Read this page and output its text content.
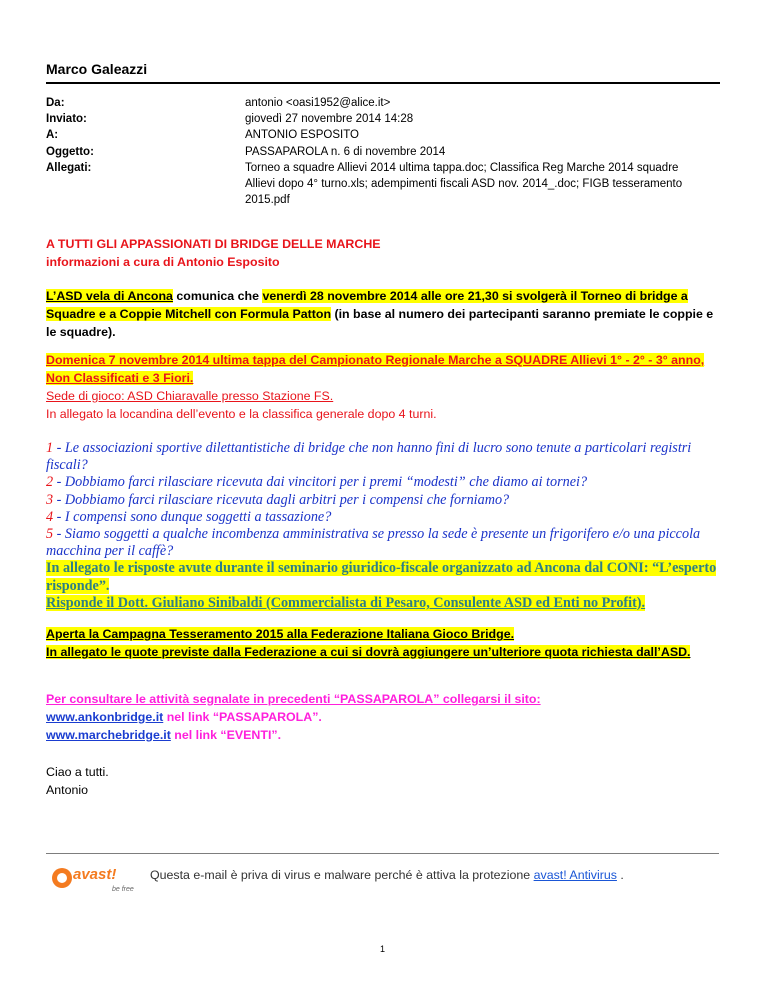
Marco Galeazzi
Da:	antonio <oasi1952@alice.it>
Inviato:	giovedì 27 novembre 2014 14:28
A:	ANTONIO ESPOSITO
Oggetto:	PASSAPAROLA n. 6 di novembre 2014
Allegati:	Torneo a squadre Allievi 2014 ultima tappa.doc; Classifica Reg Marche 2014 squadre Allievi dopo 4° turno.xls; adempimenti fiscali ASD nov. 2014_.doc; FIGB tesseramento 2015.pdf
A TUTTI GLI APPASSIONATI DI BRIDGE DELLE MARCHE
informazioni a cura di Antonio Esposito
L’ASD vela di Ancona comunica che venerdì 28 novembre 2014 alle ore 21,30 si svolgerà il Torneo di bridge a Squadre e a Coppie Mitchell con Formula Patton (in base al numero dei partecipanti saranno premiate le coppie e le squadre).
Domenica 7 novembre 2014 ultima tappa del Campionato Regionale Marche a SQUADRE Allievi 1° - 2° - 3° anno, Non Classificati e 3 Fiori.
Sede di gioco: ASD Chiaravalle presso Stazione FS.
In allegato la locandina dell’evento e la classifica generale dopo 4 turni.
1 - Le associazioni sportive dilettantistiche di bridge che non hanno fini di lucro sono tenute a particolari registri fiscali?
2 - Dobbiamo farci rilasciare ricevuta dai vincitori per i premi “modesti” che diamo ai tornei?
3 - Dobbiamo farci rilasciare ricevuta dagli arbitri per i compensi che forniamo?
4 - I compensi sono dunque soggetti a tassazione?
5 - Siamo soggetti a qualche incombenza amministrativa se presso la sede è presente un frigorifero e/o una piccola macchina per il caffè?
In allegato le risposte avute durante il seminario giuridico-fiscale organizzato ad Ancona dal CONI: “L’esperto risponde”.
Risponde il Dott. Giuliano Sinibaldi (Commercialista di Pesaro, Consulente ASD ed Enti no Profit).
Aperta la Campagna Tesseramento 2015 alla Federazione Italiana Gioco Bridge.
In allegato le quote previste dalla Federazione a cui si dovrà aggiungere un’ulteriore quota richiesta dall’ASD.
Per consultare le attività segnalate in precedenti “PASSAPAROLA” collegarsi il sito:
www.ankonbridge.it nel link “PASSAPAROLA”.
www.marchebridge.it nel link “EVENTI”.
Ciao a tutti.
Antonio
avast!
be free
Questa e-mail è priva di virus e malware perché è attiva la protezione avast! Antivirus .
1
